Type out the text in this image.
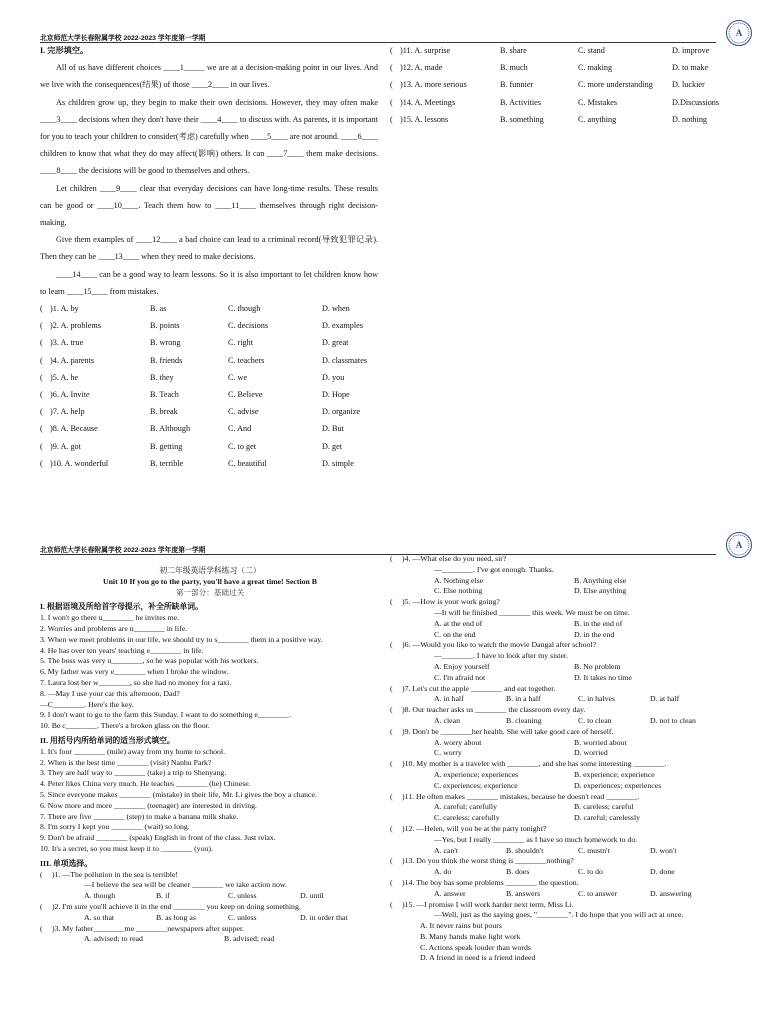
北京师范大学长春附属学校 2022-2023 学年度第一学期
A
I. 完形填空。
All of us have different choices ____1_____ we are at a decision-making point in our lives. And we live with the consequences(结果) of those ____2____ in our lives.
As children grow up, they begin to make their own decisions. However, they may often make ____3____ decisions when they don't have their ____4____ to discuss with. As parents, it is important for you to teach your children to consider(考虑) carefully when ____5____ are not around. ____6____ children to know that what they do may affect(影响) others. It can ____7____ them make decisions. ____8____ the decisions will be good to themselves and others.
Let children ____9____ clear that everyday decisions can have long-time results. These results can be good or ____10____. Teach them how to ____11____ themselves through right decision-making.
Give them examples of ____12____ a bad choice can lead to a criminal record(导致犯罪记录). Then they can be ____13____ when they need to make decisions.
____14____ can be a good way to learn lessons. So it is also important to let children know how to learn ____15____ from mistakes.
( )1. A. by	B. as	C. though	D. when
( )2. A. problems	B. points	C. decisions	D. examples
( )3. A. true	B. wrong	C. right	D. great
( )4. A. parents	B. friends	C. teachers	D. classmates
( )5. A. he	B. they	C. we	D. you
( )6. A. Invite	B. Teach	C. Believe	D. Hope
( )7. A. help	B. break	C. advise	D. organize
( )8. A. Because	B. Although	C. And	D. But
( )9. A. got	B. getting	C. to get	D. get
( )10. A. wonderful	B. terrible	C. beautiful	D. simple
( )11. A. surprise	B. share	C. stand	D. improve
( )12. A. made	B. much	C. making	D. to make
( )13. A. more serious	B. funnier	C. more understanding	D. luckier
( )14. A. Meetings	B. Activities	C. Mistakes	D.Discussions
( )15. A. lessons	B. something	C. anything	D. nothing
北京师范大学长春附属学校 2022-2023 学年度第一学期
A
初二年级英语学科练习（二）
Unit 10 If you go to the party, you'll have a great time! Section B
第一部分：基础过关
I. 根据语境及所给首字母提示，补全所缺单词。
1. I won't go there u________ he invites me.
2. Worries and problems are n________ in life.
3. When we meet problems in our life, we should try to s________ them in a positive way.
4. He has over ten years' teaching e________ in life.
5. The boss was very u________, so he was popular with his workers.
6. My father was very e________ when I broke the window.
7. Laura lost her w________, so she had no money for a taxi.
8. —May I use your car this afternoon, Dad?
—C________. Here's the key.
9. I don't want to go to the farm this Sunday. I want to do something e________.
10. Be c________. There's a broken glass on the floor.
II. 用括号内所给单词的适当形式填空。
1. It's four ________ (mile) away from my home to school.
2. When is the best time ________ (visit) Nanhu Park?
3. They are half way to ________ (take) a trip to Shenyang.
4. Peter likes China very much. He teaches ________ (he) Chinese.
5. Since everyone makes ________ (mistake) in their life, Mr. Li gives the boy a chance.
6. Now more and more ________ (teenager) are interested in driving.
7. There are five ________ (step) to make a banana milk shake.
8. I'm sorry I kept you ________ (wait) so long.
9. Don't be afraid ________ (speak) English in front of the class. Just relax.
10. It's a secret, so you must keep it to ________ (you).
III. 单项选择。
(	)1. —The pollution in the sea is terrible!
—I believe the sea will be cleaner ________ we take action now.
A. though	B. if	C. unless	D. until
(	)2. I'm sure you'll achieve it in the end ________ you keep on doing something.
A. so that	B. as long as	C. unless	D. in order that
(	)3. My father________me ________newspapers after supper.
A. advised; to read	B. advised; read
(	)4. —What else do you need, sir?
—________. I've got enough. Thanks.
A. Nothing else	B. Anything else
C. Else nothing	D. Else anything
(	)5. —How is your work going?
—It will be finished ________ this week. We must be on time.
A. at the end of	B. in the end of
C. on the end	D. in the end
(	)6. —Would you like to watch the movie Dangal after school?
—________. I have to look after my sister.
A. Enjoy yourself	B. No problem
C. I'm afraid not	D. It takes no time
(	)7. Let's cut the apple ________ and eat together.
A. in half	B. in a half	C. in halves	D. at half
(	)8. Our teacher asks us ________ the classroom every day.
A. clean	B. cleaning	C. to clean	D. not to clean
(	)9. Don't be ________her health. She will take good care of herself.
A. worry about	B. worried about
C. worry	D. worried
(	)10. My mother is a traveler with ________, and she has some interesting ________.
A. experience; experiences	B. experience; experience
C. experiences; experience	D. experiences; experiences
(	)11. He often makes ________ mistakes, because he doesn't read ________.
A. careful; carefully	B. careless; careful
C. careless; carefully	D. careful; carelessly
(	)12. —Helen, will you be at the party tonight?
—Yes, but I really ________ as I have so much homework to do.
A. can't	B. shouldn't	C. mustn't	D. won't
(	)13. Do you think the worst thing is ________nothing?
A. do	B. does	C. to do	D. done
(	)14. The boy has some problems ________ the question.
A. answer	B. answers	C. to answer	D. answering
(	)15. —I promise I will work harder next term, Miss Li.
—Well, just as the saying goes, "________". I do hope that you will act at once.
A. It never rains but pours
B. Many hands make light work
C. Actions speak louder than words
D. A friend in need is a friend indeed
